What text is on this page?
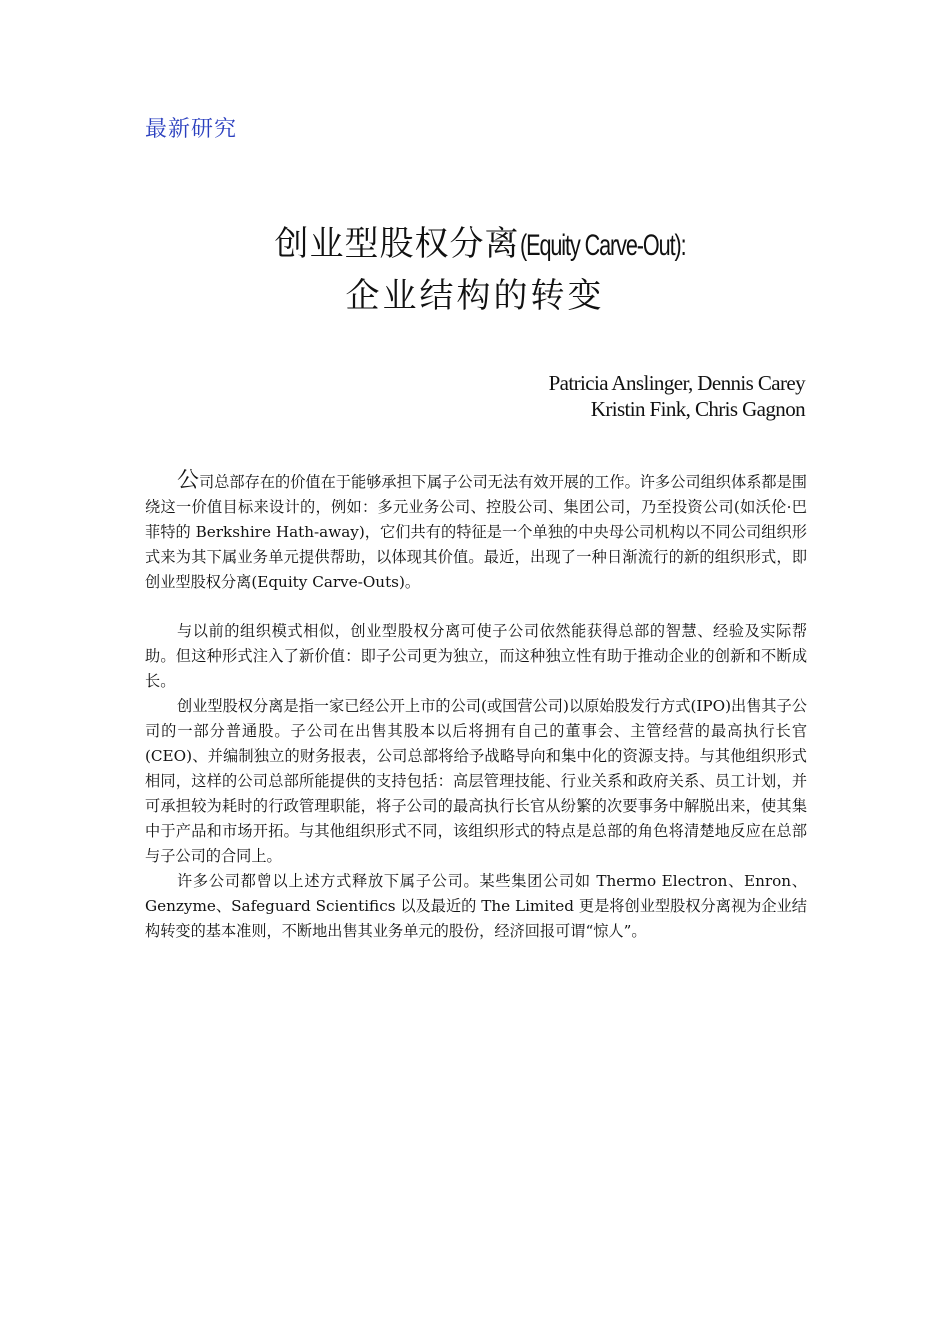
最新研究
创业型股权分离(Equity Carve-Out):
企业结构的转变
Patricia Anslinger, Dennis Carey
Kristin Fink, Chris Gagnon

公司总部存在的价值在于能够承担下属子公司无法有效开展的工作。许多公司组织体系都是围绕这一价值目标来设计的，例如：多元业务公司、控股公司、集团公司，乃至投资公司(如沃伦·巴菲特的 Berkshire Hath-away)，它们共有的特征是一个单独的中央母公司机构以不同公司组织形式来为其下属业务单元提供帮助，以体现其价值。最近，出现了一种日渐流行的新的组织形式，即创业型股权分离(Equity Carve-Outs)。

与以前的组织模式相似，创业型股权分离可使子公司依然能获得总部的智慧、经验及实际帮助。但这种形式注入了新价值：即子公司更为独立，而这种独立性有助于推动企业的创新和不断成长。

创业型股权分离是指一家已经公开上市的公司(或国营公司)以原始股发行方式(IPO)出售其子公司的一部分普通股。子公司在出售其股本以后将拥有自己的董事会、主管经营的最高执行长官(CEO)、并编制独立的财务报表，公司总部将给予战略导向和集中化的资源支持。与其他组织形式相同，这样的公司总部所能提供的支持包括：高层管理技能、行业关系和政府关系、员工计划，并可承担较为耗时的行政管理职能，将子公司的最高执行长官从纷繁的次要事务中解脱出来，使其集中于产品和市场开拓。与其他组织形式不同，该组织形式的特点是总部的角色将清楚地反应在总部与子公司的合同上。

许多公司都曾以上述方式释放下属子公司。某些集团公司如 Thermo Electron、Enron、Genzyme、Safeguard Scientifics 以及最近的 The Limited 更是将创业型股权分离视为企业结构转变的基本准则，不断地出售其业务单元的股份，经济回报可谓“惊人”。
